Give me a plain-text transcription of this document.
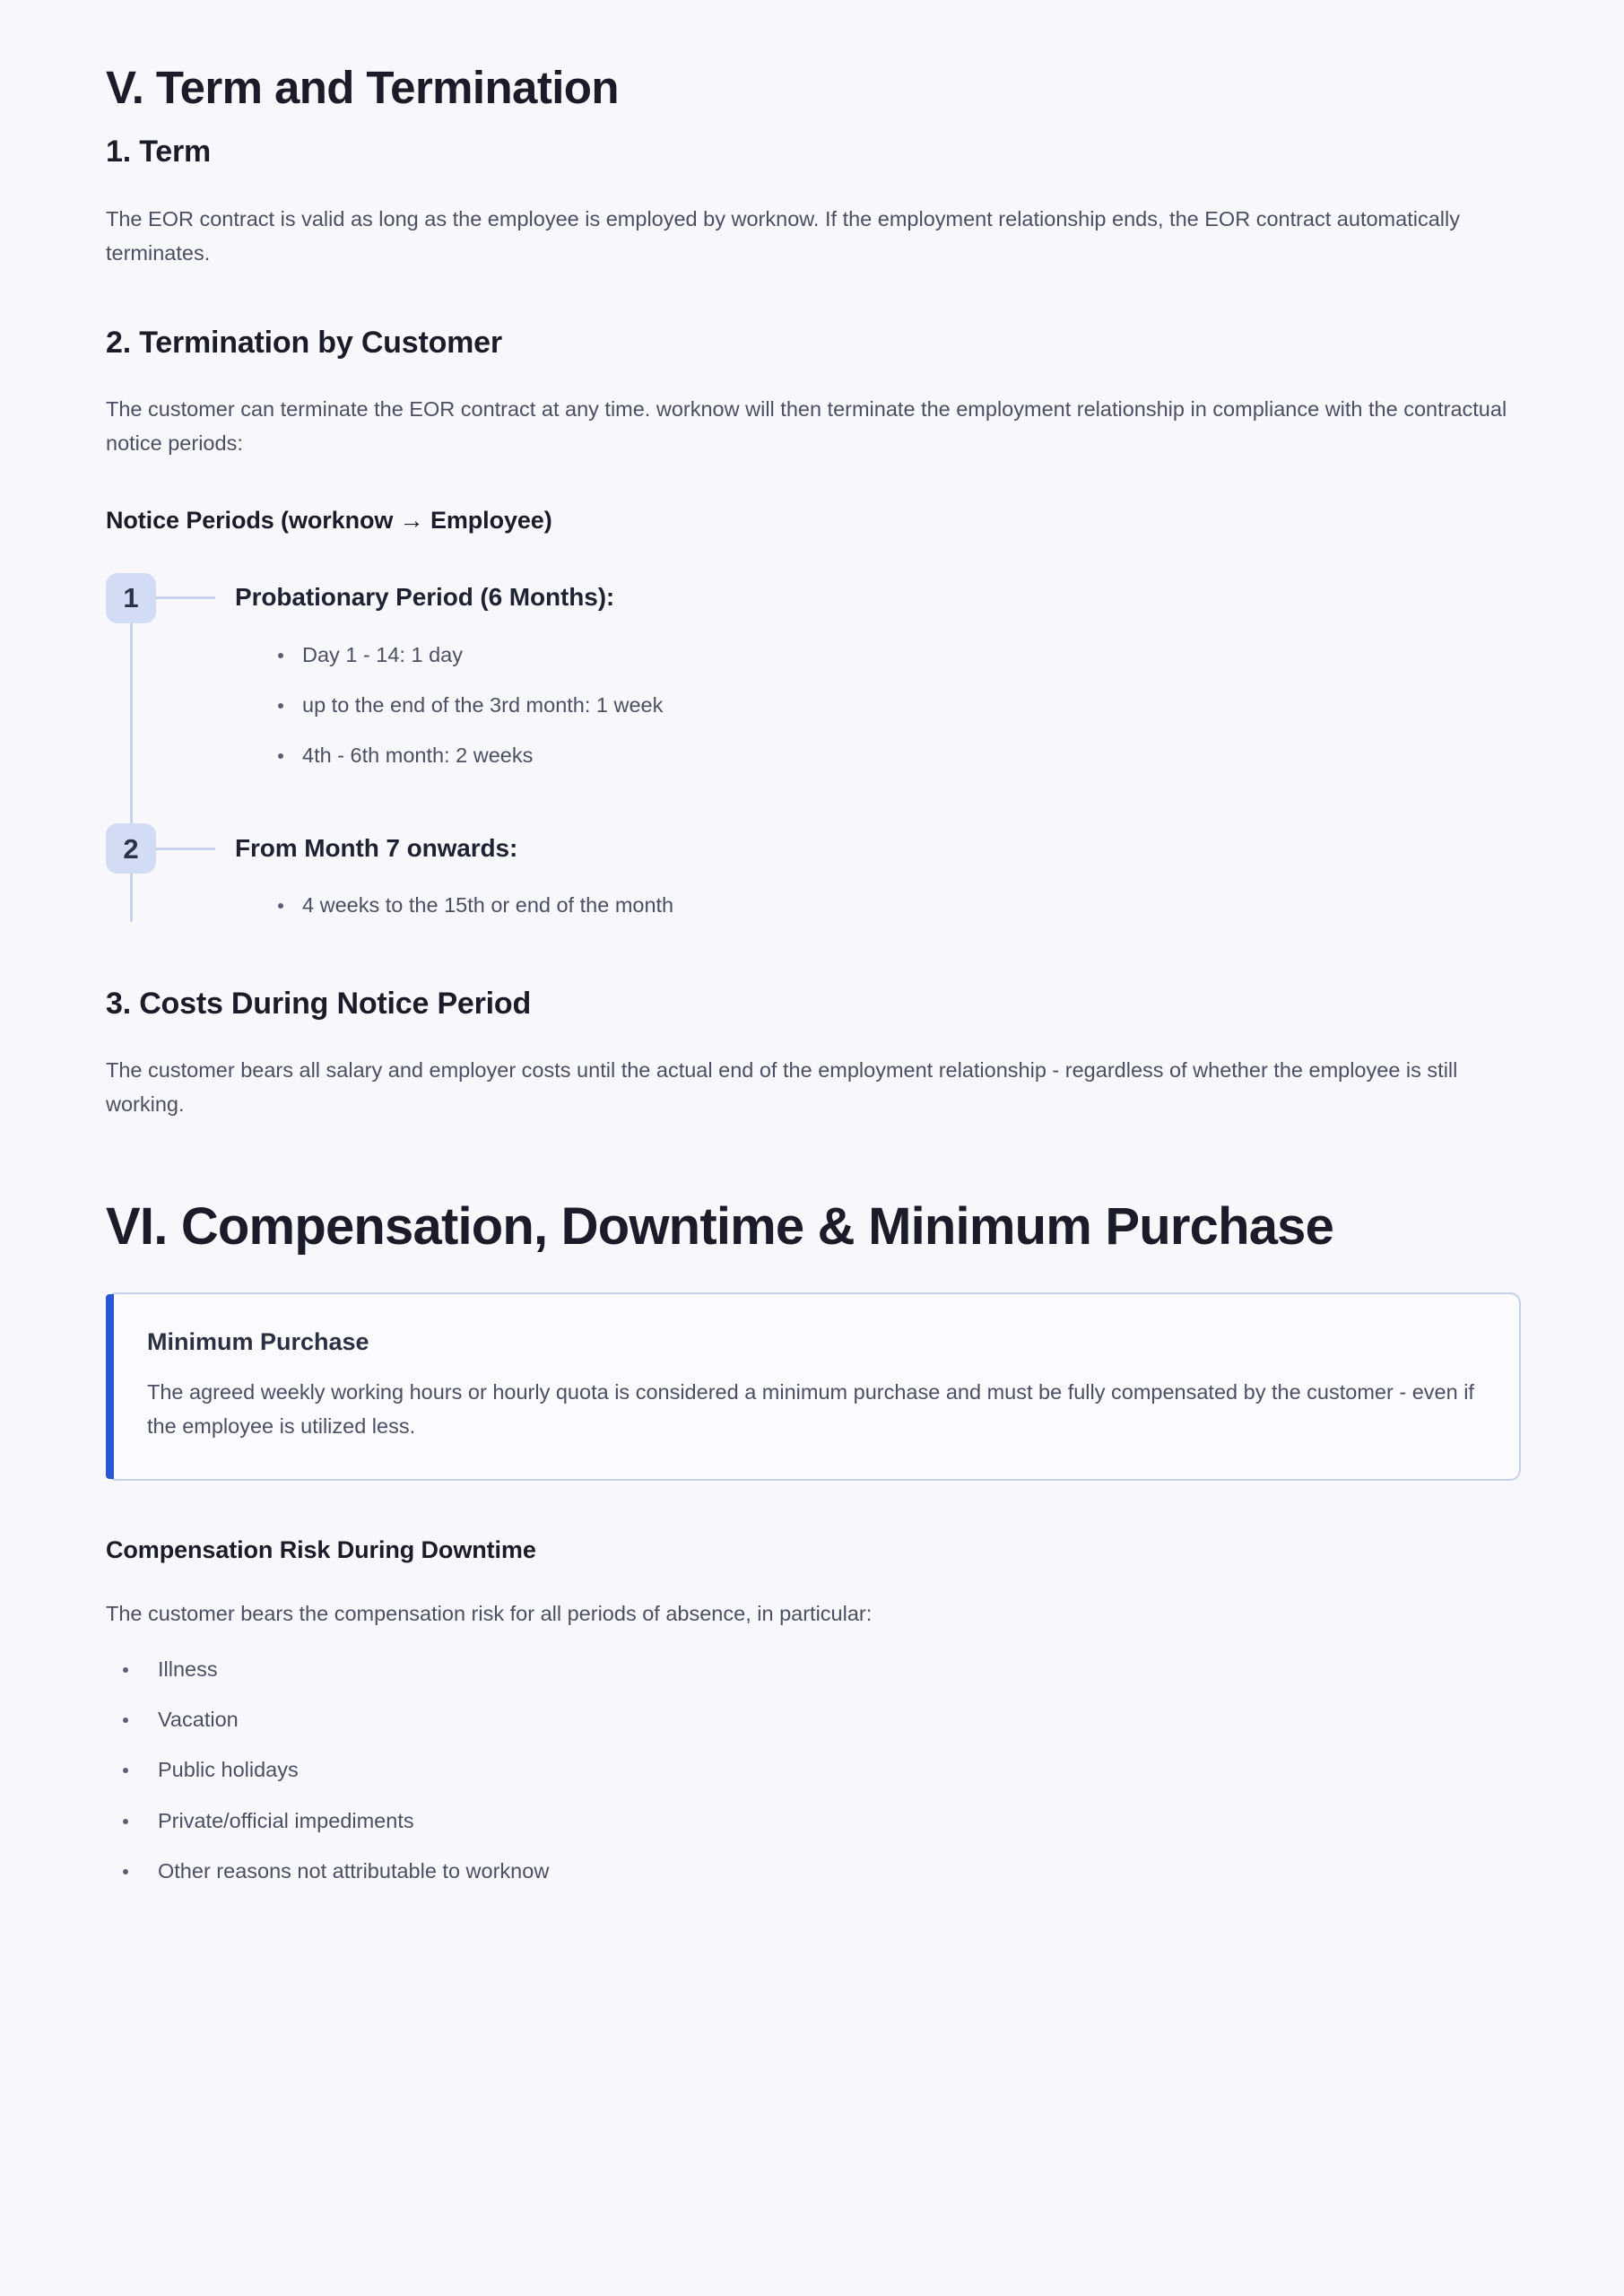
V. Term and Termination
1. Term

The EOR contract is valid as long as the employee is employed by worknow. If the employment relationship ends, the EOR contract automatically terminates.

2. Termination by Customer

The customer can terminate the EOR contract at any time. worknow will then terminate the employment relationship in compliance with the contractual notice periods:

Notice Periods (worknow → Employee)
1	Probationary Period (6 Months):
Day 1 - 14: 1 day
up to the end of the 3rd month: 1 week
4th - 6th month: 2 weeks
2	From Month 7 onwards:
4 weeks to the 15th or end of the month
3. Costs During Notice Period

The customer bears all salary and employer costs until the actual end of the employment relationship - regardless of whether the employee is still working.

VI. Compensation, Downtime & Minimum Purchase
Minimum Purchase

The agreed weekly working hours or hourly quota is considered a minimum purchase and must be fully compensated by the customer - even if the employee is utilized less.

Compensation Risk During Downtime

The customer bears the compensation risk for all periods of absence, in particular:

Illness
Vacation
Public holidays
Private/official impediments
Other reasons not attributable to worknow
